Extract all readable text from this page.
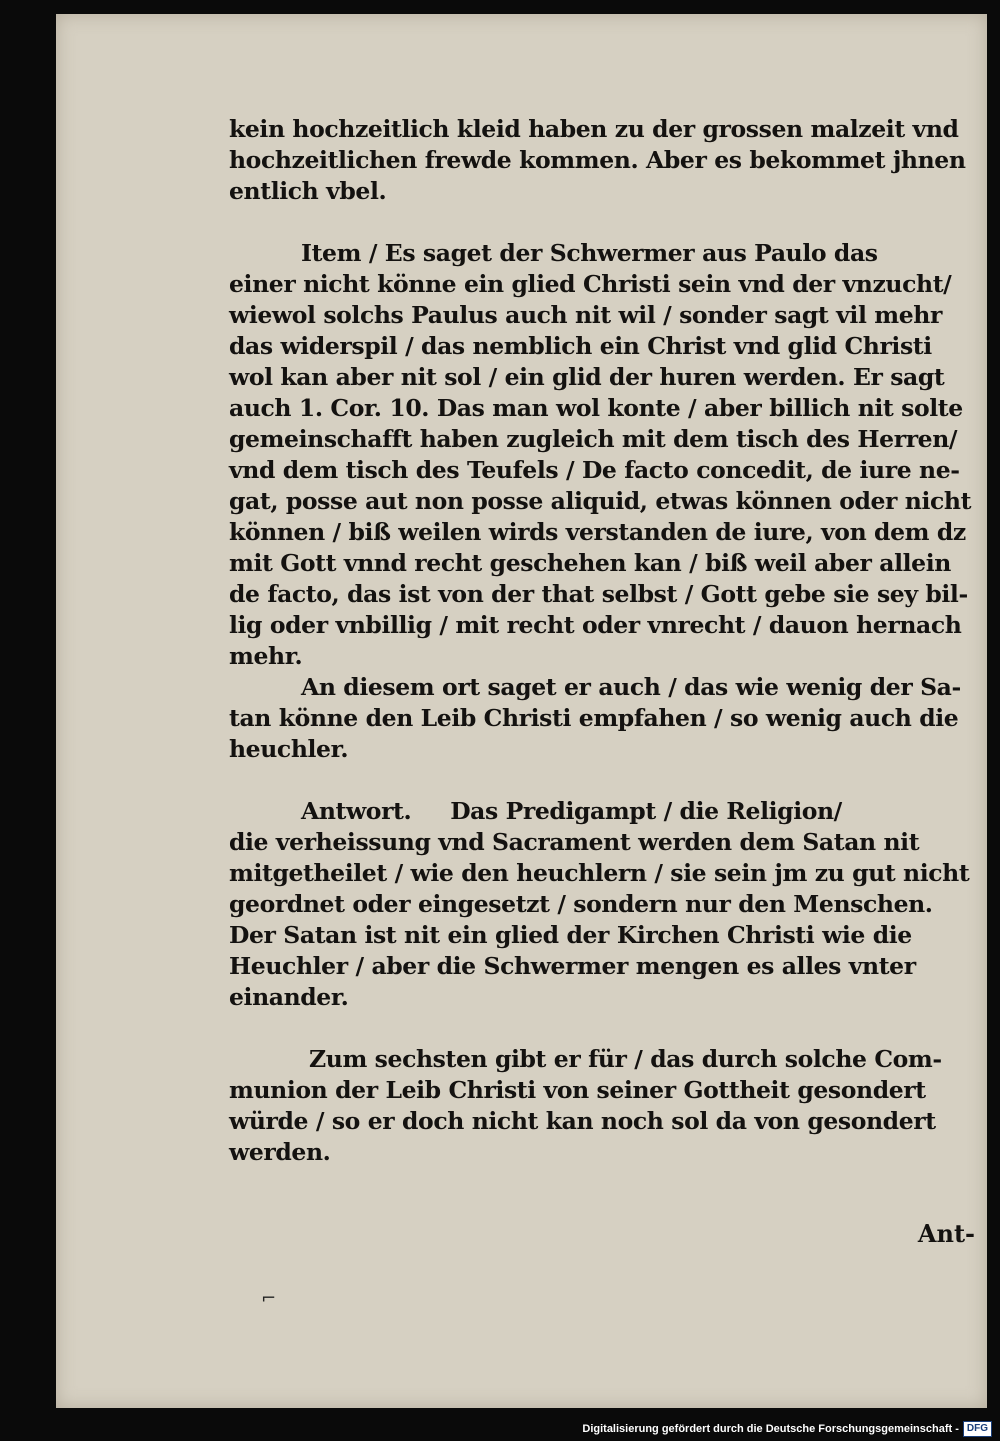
kein hochzeitlich kleid haben zu der grossen malzeit vnd
hochzeitlichen frewde kommen. Aber es bekommet jhnen
entlich vbel.
Item / Es saget der Schwermer aus Paulo das
einer nicht könne ein glied Christi sein vnd der vnzucht/
wiewol solchs Paulus auch nit wil / sonder sagt vil mehr
das widerspil / das nemblich ein Christ vnd glid Christi
wol kan aber nit sol / ein glid der huren werden. Er sagt
auch 1. Cor. 10. Das man wol konte / aber billich nit solte
gemeinschafft haben zugleich mit dem tisch des Herren/
vnd dem tisch des Teufels / De facto concedit, de iure ne-
gat, posse aut non posse aliquid, etwas können oder nicht
können / biß weilen wirds verstanden de iure, von dem dz
mit Gott vnnd recht geschehen kan / biß weil aber allein
de facto, das ist von der that selbst / Gott gebe sie sey bil-
lig oder vnbillig / mit recht oder vnrecht / dauon hernach
mehr.
An diesem ort saget er auch / das wie wenig der Sa-
tan könne den Leib Christi empfahen / so wenig auch die
heuchler.
Antwort.     Das Predigampt / die Religion/
die verheissung vnd Sacrament werden dem Satan nit
mitgetheilet / wie den heuchlern / sie sein jm zu gut nicht
geordnet oder eingesetzt / sondern nur den Menschen.
Der Satan ist nit ein glied der Kirchen Christi wie die
Heuchler / aber die Schwermer mengen es alles vnter
einander.
Zum sechsten gibt er für / das durch solche Com-
munion der Leib Christi von seiner Gottheit gesondert
würde / so er doch nicht kan noch sol da von gesondert
werden.
Ant-
⌐
Digitalisierung gefördert durch die Deutsche Forschungsgemeinschaft - DFG
